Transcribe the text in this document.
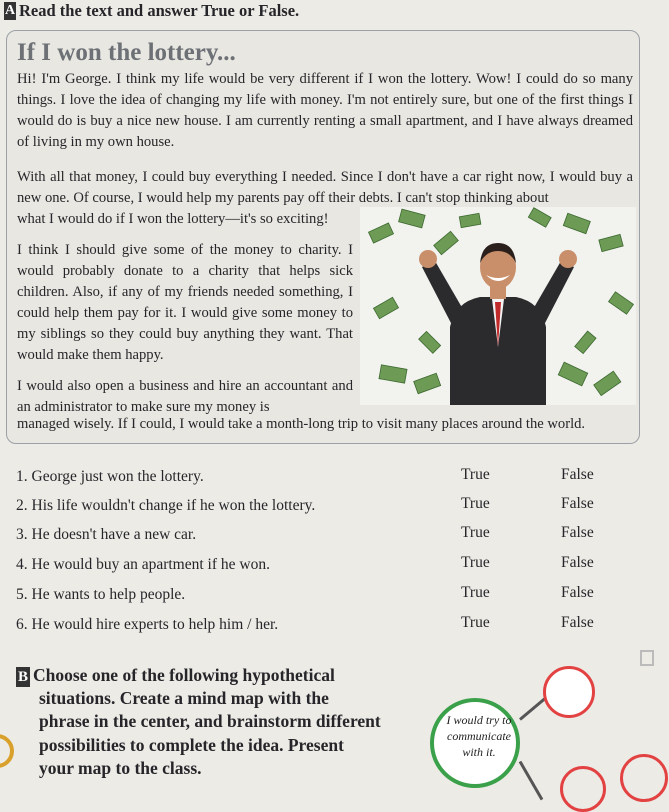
A Read the text and answer True or False.
If I won the lottery...
Hi! I'm George. I think my life would be very different if I won the lottery. Wow! I could do so many things. I love the idea of changing my life with money. I'm not entirely sure, but one of the first things I would do is buy a nice new house. I am currently renting a small apartment, and I have always dreamed of living in my own house.
With all that money, I could buy everything I needed. Since I don't have a car right now, I would buy a new one. Of course, I would help my parents pay off their debts. I can't stop thinking about
what I would do if I won the lottery—it's so exciting!
I think I should give some of the money to charity. I would probably donate to a charity that helps sick children. Also, if any of my friends needed something, I could help them pay for it. I would give some money to my siblings so they could buy anything they want. That would make them happy.
I would also open a business and hire an accountant and an administrator to make sure my money is
managed wisely. If I could, I would take a month-long trip to visit many places around the world.
1. George just won the lottery.	True	False
2. His life wouldn't change if he won the lottery.	True	False
3. He doesn't have a new car.	True	False
4. He would buy an apartment if he won.	True	False
5. He wants to help people.	True	False
6. He would hire experts to help him / her.	True	False
B Choose one of the following hypothetical
situations. Create a mind map with the
phrase in the center, and brainstorm different
possibilities to complete the idea. Present
your map to the class.
I would try to
communicate
with it.
